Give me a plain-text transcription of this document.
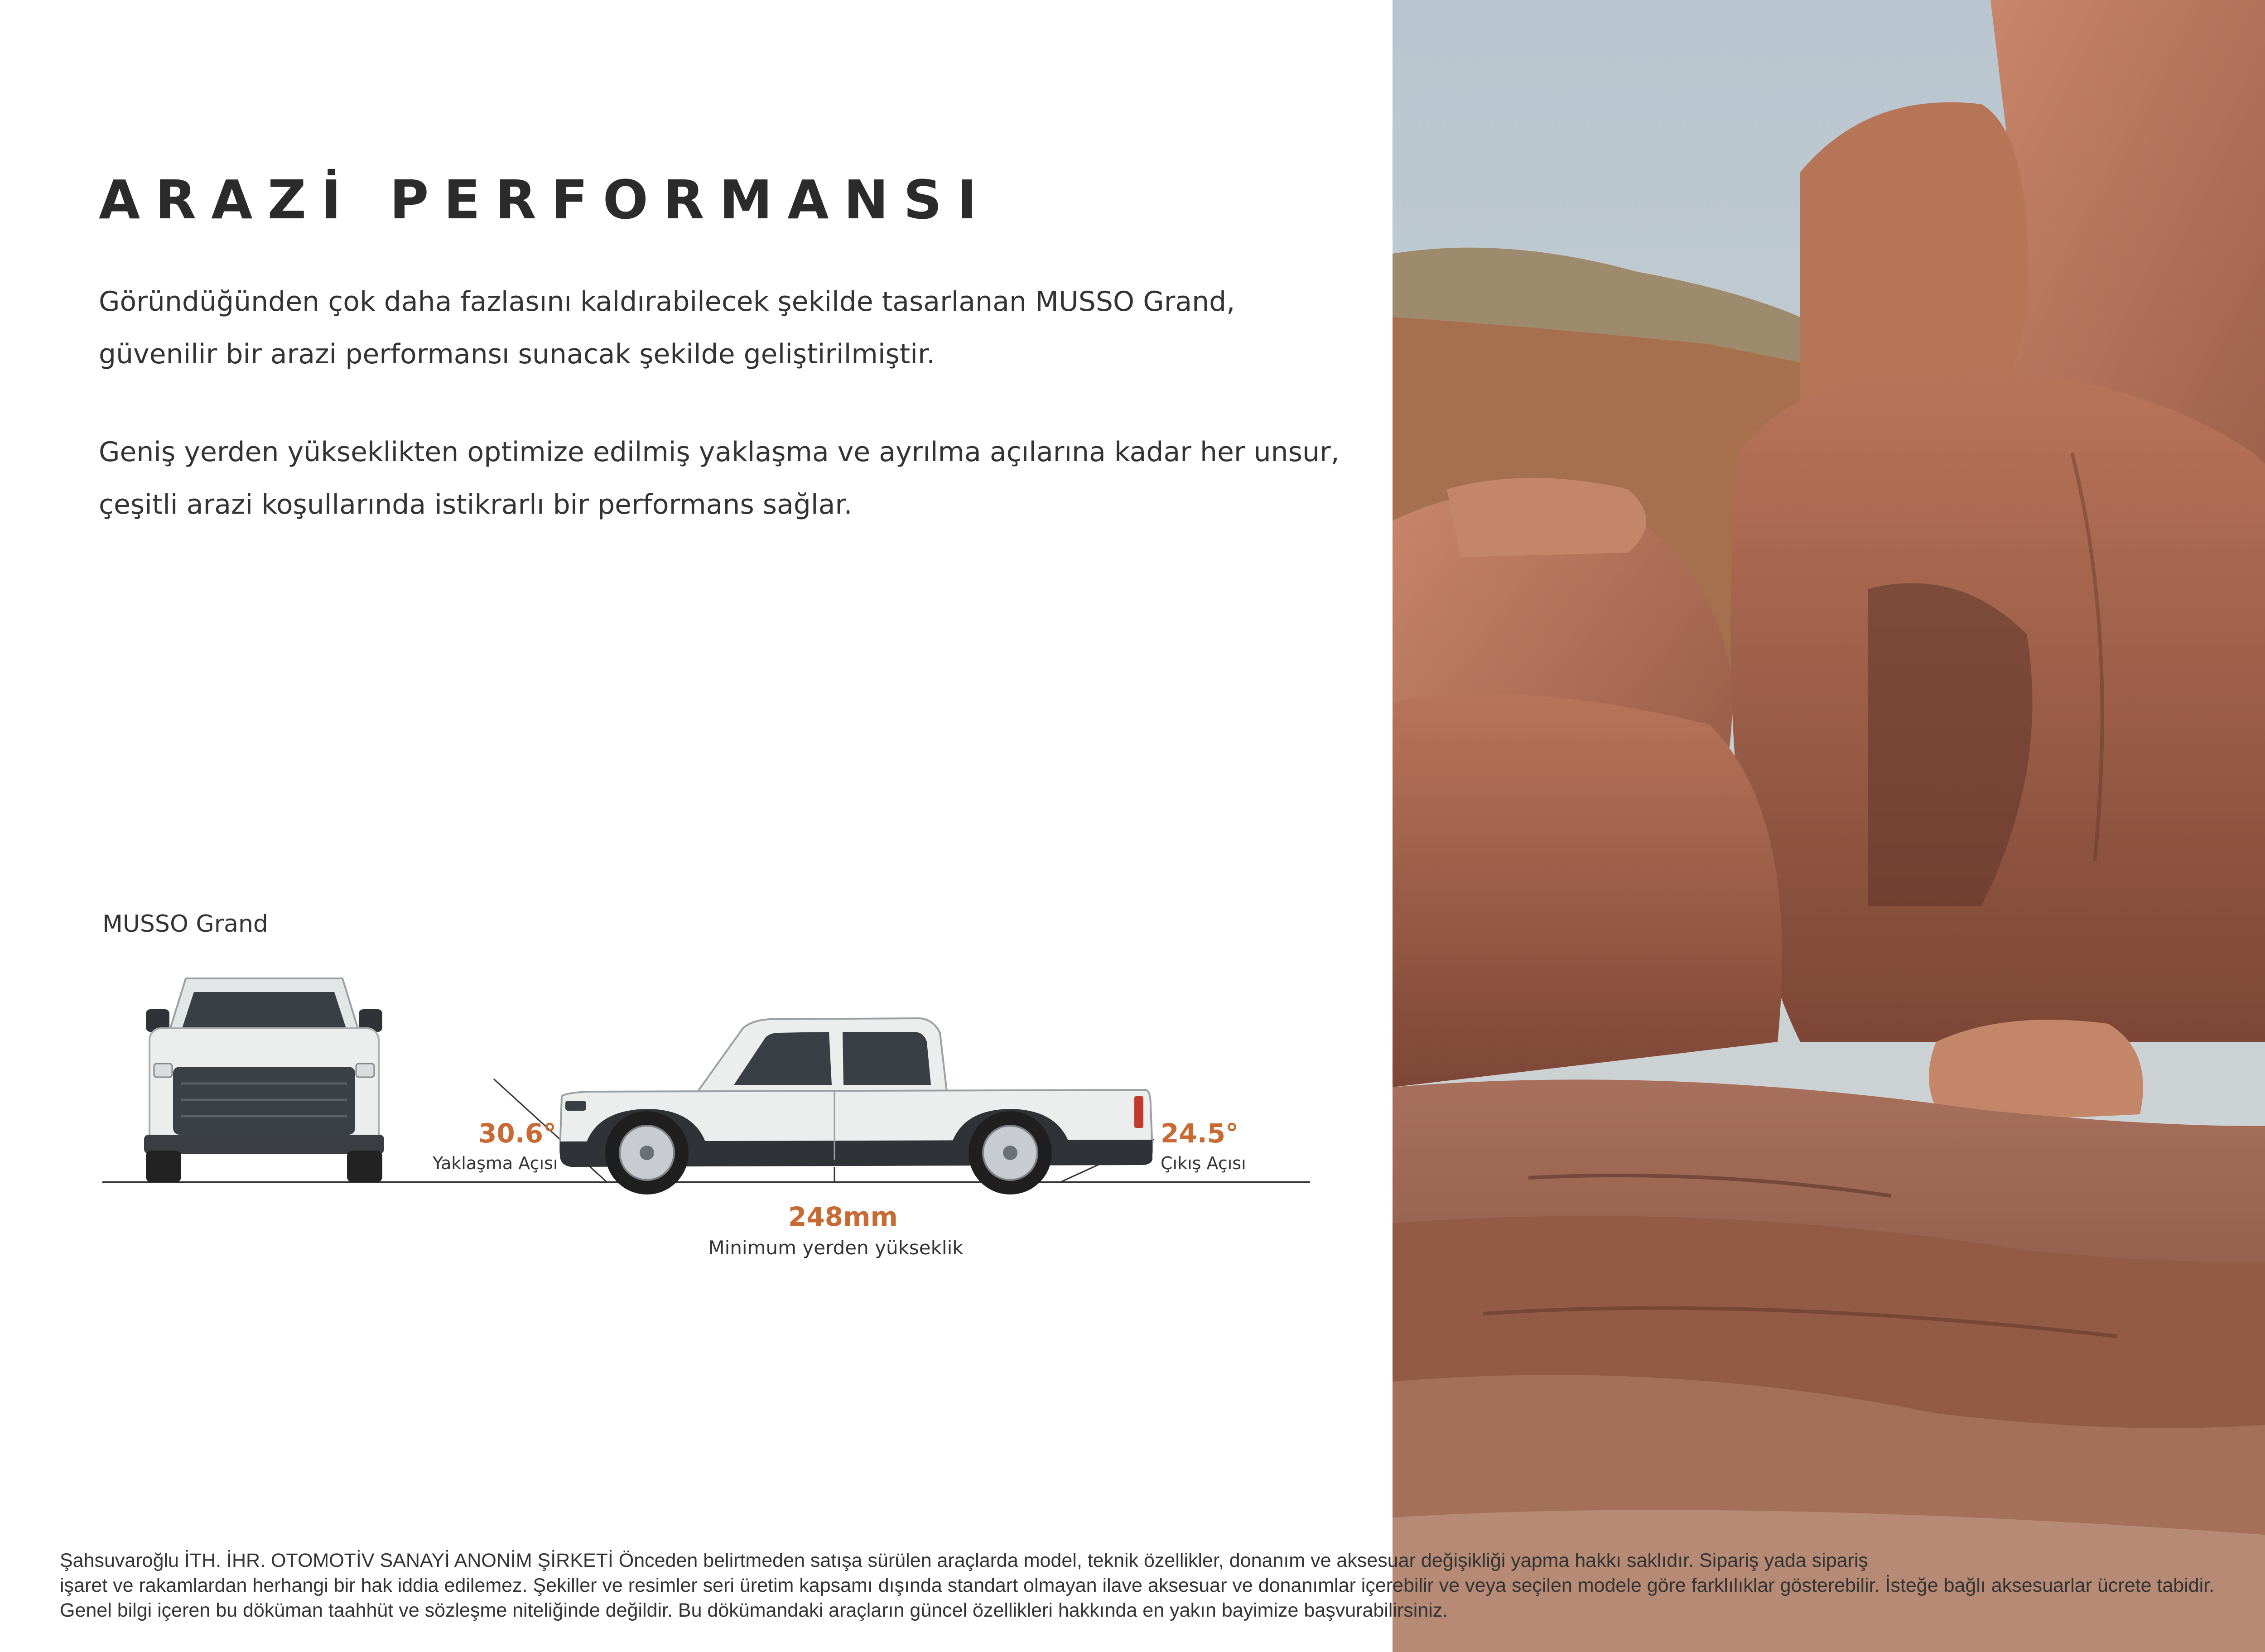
ARAZİ PERFORMANSI

Göründüğünden çok daha fazlasını kaldırabilecek şekilde tasarlanan MUSSO Grand,
güvenilir bir arazi performansı sunacak şekilde geliştirilmiştir.

Geniş yerden yükseklikten optimize edilmiş yaklaşma ve ayrılma açılarına kadar her unsur,
çeşitli arazi koşullarında istikrarlı bir performans sağlar.

MUSSO Grand
30.6°
Yaklaşma Açısı
24.5°
Çıkış Açısı
248mm
Minimum yerden yükseklik

Şahsuvaroğlu İTH. İHR. OTOMOTİV SANAYİ ANONİM ŞİRKETİ Önceden belirtmeden satışa sürülen araçlarda model, teknik özellikler, donanım ve aksesuar değişikliği yapma hakkı saklıdır. Sipariş yada sipariş
işaret ve rakamlardan herhangi bir hak iddia edilemez. Şekiller ve resimler seri üretim kapsamı dışında standart olmayan ilave aksesuar ve donanımlar içerebilir ve veya seçilen modele göre farklılıklar gösterebilir. İsteğe bağlı aksesuarlar ücrete tabidir.
Genel bilgi içeren bu döküman taahhüt ve sözleşme niteliğinde değildir. Bu dökümandaki araçların güncel özellikleri hakkında en yakın bayimize başvurabilirsiniz.
